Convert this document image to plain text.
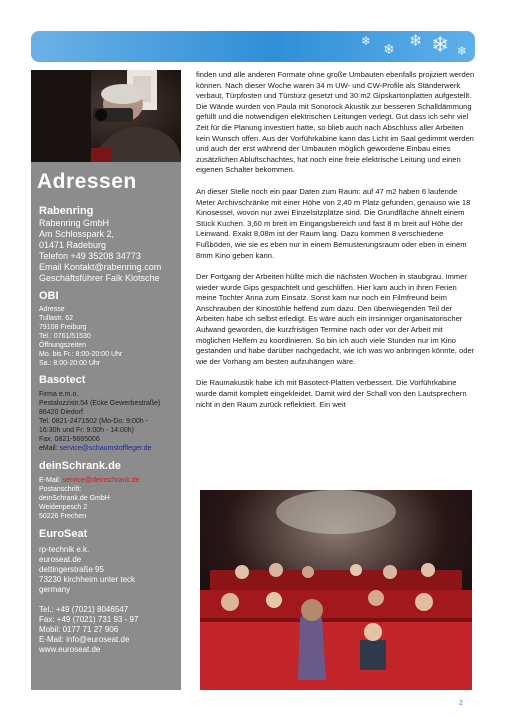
❄
❄ ❄ ❄ ❄
Adressen
Rabenring
Rabenring GmbH
Am Schlosspark 2,
01471 Radeburg
Telefon +49 35208 34773
Email Kontakt@rabenring.com
Geschäftsführer Falk Klotsche
OBI
Adresse
Tullastr. 62
79108 Freiburg
Tel.: 0761/51530
Öffnungszeiten
Mo. bis Fr.: 8:00-20:00 Uhr
Sa.: 8:00-20:00 Uhr
Basotect
Firma e.m.o.
Pestalozzistr.54 (Ecke Gewerbestraße)
86420 Diedorf
Tel. 0821-2471502 (Mo-Do: 9:00h -
16:30h und Fr: 9:00h - 14:00h)
Fax. 0821-5665006
eMail: service@schaumstoffleger.de
deinSchrank.de
E-Mail: service@deinschrank.de
Postanschrift:
deinSchrank.de GmbH
Weidenpesch 2
50226 Frechen
EuroSeat
rp-technik e.k.
euroseat.de
dettingerstraße 95
73230 kirchheim unter teck
germany
Tel.: +49 (7021) 8046547
Fax: +49 (7021) 731 93 - 97
Mobil: 0177 71 27 906
E-Mail: info@euroseat.de
www.euroseat.de

finden und alle anderen Formate ohne große Umbauten ebenfalls projiziert werden können. Nach dieser Woche waren 34 m UW- und CW-Profile als Ständerwerk verbaut, Türpfosten und Türsturz gesetzt und 30 m2 Gipskartonplatten aufgestellt. Die Wände wurden von Paula mit Sonorock Akustik zur besseren Schalldämmung gefüllt und die notwendigen elektrischen Leitungen verlegt. Gut dass ich sehr viel Zeit für die Planung investiert hatte, so blieb auch nach Abschluss aller Arbeiten kein Wunsch offen. Aus der Vorführkabine kann das Licht im Saal gedimmt werden und auch der erst während der Umbauten möglich gewordene Einbau eines zusätzlichen Abluftschachtes, hat noch eine freie elektrische Leitung und einen eigenen Schalter bekommen.

An dieser Stelle noch ein paar Daten zum Raum: auf 47 m2 haben 6 laufende Meter Archivschränke mit einer Höhe von 2,40 m Platz gefunden, genauso wie 18 Kinosessel, wovon nur zwei Einzelsitzplätze sind. Die Grundfläche ähnelt einem Stück Kuchen. 3,60 m breit im Eingangsbereich und fast 8 m breit auf Höhe der Leinwand. Exakt 8,08m ist der Raum lang. Dazu kommen 8 verschiedene Fußböden, wie sie es eben nur in einem Bemusterungsraum oder eben in einem 8mm Kino geben kann.

Der Fortgang der Arbeiten hüllte mich die nächsten Wochen in staubgrau. Immer wieder wurde Gips gespachtelt und geschliffen. Hier kam auch in ihren Ferien meine Tochter Anna zum Einsatz. Sonst kam nur noch ein Filmfreund beim Anschrauben der Kinostühle helfend zum dazu. Den überwiegenden Teil der Arbeiten habe ich selbst erledigt. Es wäre auch ein irrsinniger organisatorischer Aufwand geworden, die kurzfristigen Termine nach oder vor der Arbeit mit möglichen Helfern zu koordinieren. So bin ich auch viele Stunden nur im Kino gestanden und habe darüber nachgedacht, wie ich was wo anbringen könnte, oder wie der Vorhang am besten aufzuhängen wäre.

Die Raumakustik habe ich mit Basotect-Platten verbessert. Die Vorführkabine wurde damit komplett eingekleidet. Damit wird der Schall von den Lautsprechern nicht in den Raum zurück reflektiert. Ein weit

2
